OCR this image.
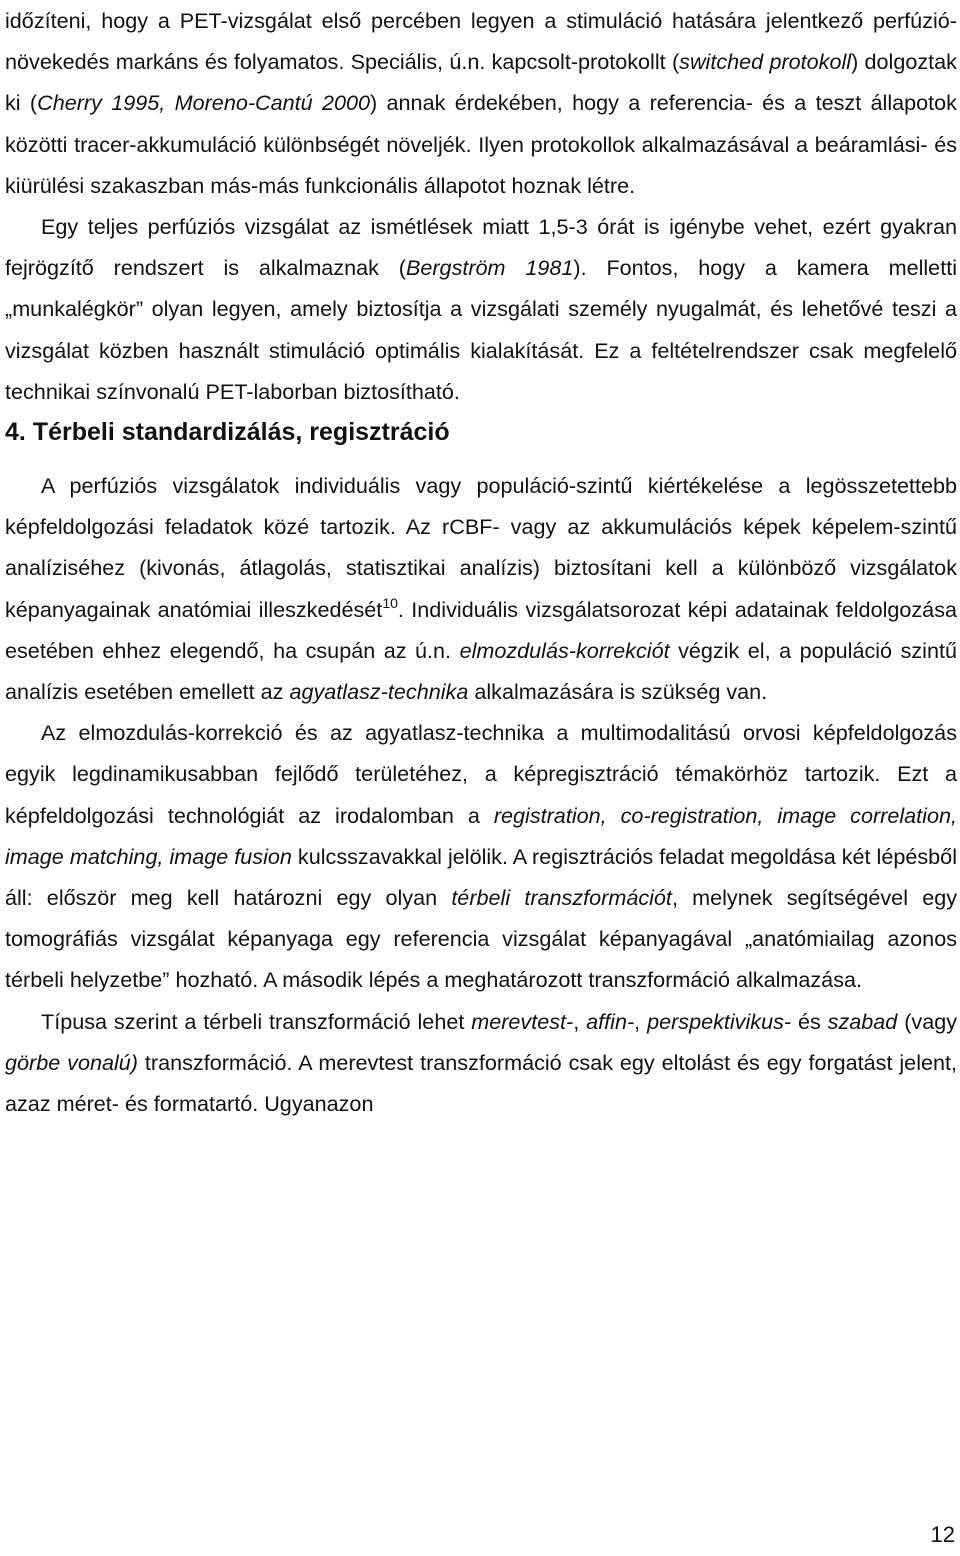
időzíteni, hogy a PET-vizsgálat első percében legyen a stimuláció hatására jelentkező perfúzió-növekedés markáns és folyamatos. Speciális, ú.n. kapcsolt-protokollt (switched protokoll) dolgoztak ki (Cherry 1995, Moreno-Cantú 2000) annak érdekében, hogy a referencia- és a teszt állapotok közötti tracer-akkumuláció különbségét növeljék. Ilyen protokollok alkalmazásával a beáramlási- és kiürülési szakaszban más-más funkcionális állapotot hoznak létre.

Egy teljes perfúziós vizsgálat az ismétlések miatt 1,5-3 órát is igénybe vehet, ezért gyakran fejrögzítő rendszert is alkalmaznak (Bergström 1981). Fontos, hogy a kamera melletti „munkalégkör” olyan legyen, amely biztosítja a vizsgálati személy nyugalmát, és lehetővé teszi a vizsgálat közben használt stimuláció optimális kialakítását. Ez a feltételrendszer csak megfelelő technikai színvonalú PET-laborban biztosítható.

4. Térbeli standardizálás, regisztráció

A perfúziós vizsgálatok individuális vagy populáció-szintű kiértékelése a legösszetettebb képfeldolgozási feladatok közé tartozik. Az rCBF- vagy az akkumulációs képek képelem-szintű analíziséhez (kivonás, átlagolás, statisztikai analízis) biztosítani kell a különböző vizsgálatok képanyagainak anatómiai illeszkedését$^{10}$. Individuális vizsgálatsorozat képi adatainak feldolgozása esetében ehhez elegendő, ha csupán az ú.n. elmozdulás-korrekciót végzik el, a populáció szintű analízis esetében emellett az agyatlasz-technika alkalmazására is szükség van.

Az elmozdulás-korrekció és az agyatlasz-technika a multimodalitású orvosi képfeldolgozás egyik legdinamikusabban fejlődő területéhez, a képregisztráció témakörhöz tartozik. Ezt a képfeldolgozási technológiát az irodalomban a registration, co-registration, image correlation, image matching, image fusion kulcsszavakkal jelölik. A regisztrációs feladat megoldása két lépésből áll: először meg kell határozni egy olyan térbeli transzformációt, melynek segítségével egy tomográfiás vizsgálat képanyaga egy referencia vizsgálat képanyagával „anatómiailag azonos térbeli helyzetbe” hozható. A második lépés a meghatározott transzformáció alkalmazása.

Típusa szerint a térbeli transzformáció lehet merevtest-, affin-, perspektivikus- és szabad (vagy görbe vonalú) transzformáció. A merevtest transzformáció csak egy eltolást és egy forgatást jelent, azaz méret- és formatartó. Ugyanazon

12
